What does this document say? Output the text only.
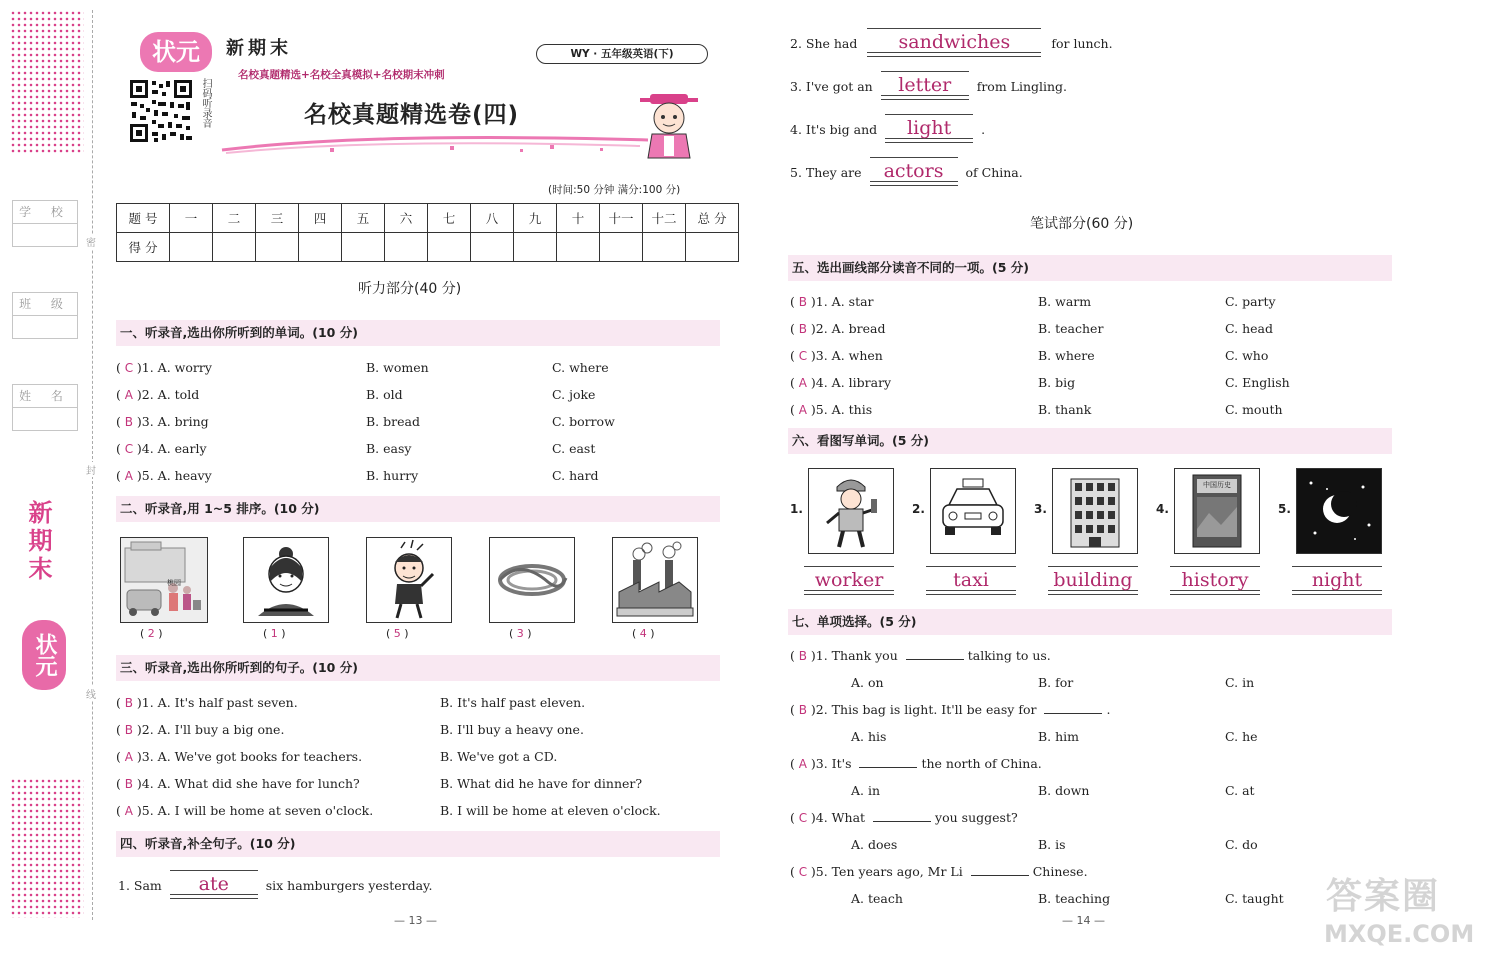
密
封
线
学 校
班 级
姓 名
新期末
状元
状元	新期末
名校真题精选+名校全真模拟+名校期末冲刺
WY · 五年级英语(下)
扫码听录音	名校真题精选卷(四)
(时间:50 分钟 满分:100 分)
题 号	一	二	三	四	五	六	七	八	九	十	十一	十二	总 分
得 分													
听力部分(40 分)
一、听录音,选出你所听到的单词。(10 分)
( C )1. A. worry	B. women	C. where
( A )2. A. told	B. old	C. joke
( B )3. A. bring	B. bread	C. borrow
( C )4. A. early	B. easy	C. east
( A )5. A. heavy	B. hurry	C. hard
二、听录音,用 1~5 排序。(10 分)
桃园
( 2 )	( 1 )	( 5 )	( 3 )	( 4 )
三、听录音,选出你所听到的句子。(10 分)
( B )1. A. It's half past seven.	B. It's half past eleven.
( B )2. A. I'll buy a big one.	B. I'll buy a heavy one.
( A )3. A. We've got books for teachers.	B. We've got a CD.
( B )4. A. What did she have for lunch?	B. What did he have for dinner?
( A )5. A. I will be home at seven o'clock.	B. I will be home at eleven o'clock.
四、听录音,补全句子。(10 分)
1. Sam	ate	six hamburgers yesterday.
— 13 —
2. She had	sandwiches	for lunch.
3. I've got an	letter	from Lingling.
4. It's big and	light	.
5. They are	actors	of China.
笔试部分(60 分)
五、选出画线部分读音不同的一项。(5 分)
( B )1. A. star	B. warm	C. party
( B )2. A. bread	B. teacher	C. head
( C )3. A. when	B. where	C. who
( A )4. A. library	B. big	C. English
( A )5. A. this	B. thank	C. mouth
六、看图写单词。(5 分)
1.
worker
2.
taxi
3.
building
4.
中国历史
history
5.
night
七、单项选择。(5 分)
( B )1. Thank you	talking to us.
A. on	B. for	C. in
( B )2. This bag is light. It'll be easy for	.
A. his	B. him	C. he
( A )3. It's	the north of China.
A. in	B. down	C. at
( C )4. What	you suggest?
A. does	B. is	C. do
( C )5. Ten years ago, Mr Li	Chinese.
A. teach	B. teaching	C. taught
— 14 —
答案圈
MXQE.COM
